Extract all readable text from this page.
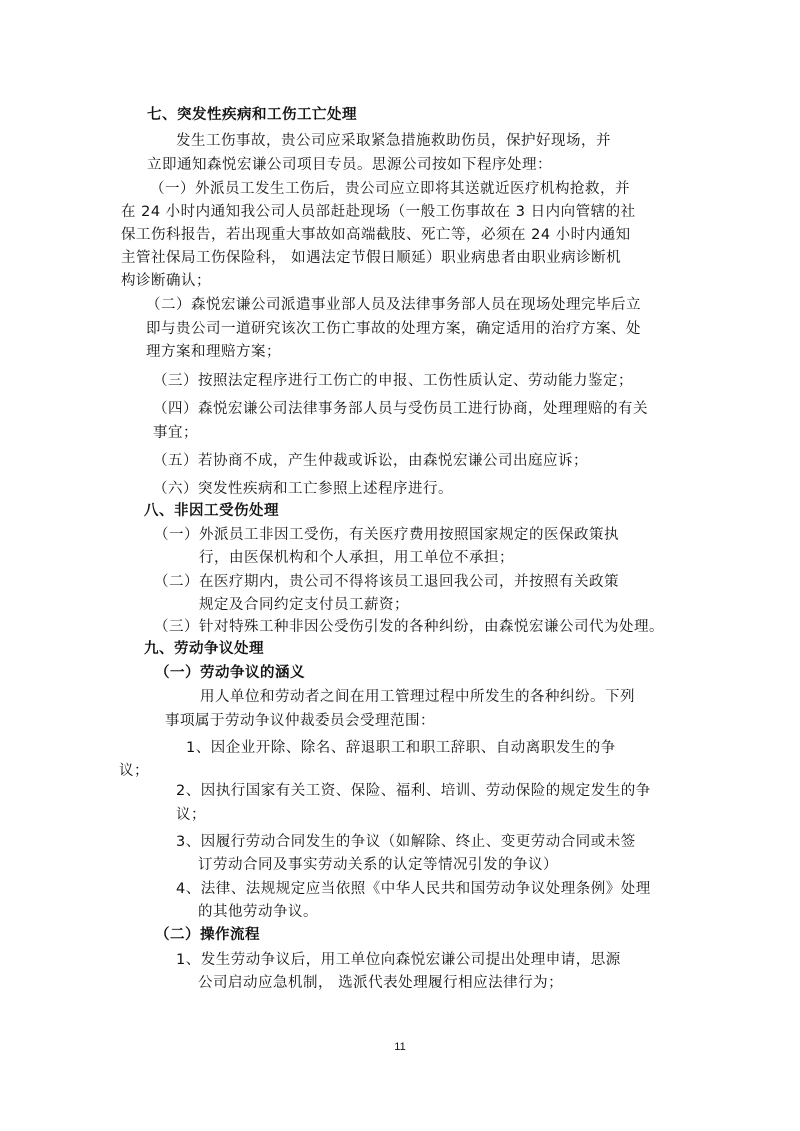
七、突发性疾病和工伤工亡处理
发生工伤事故，贵公司应采取紧急措施救助伤员，保护好现场，并
立即通知森悦宏谦公司项目专员。思源公司按如下程序处理：
（一）外派员工发生工伤后，贵公司应立即将其送就近医疗机构抢救，并
在 24 小时内通知我公司人员部赶赴现场（一般工伤事故在 3 日内向管辖的社
保工伤科报告，若出现重大事故如高端截肢、死亡等，必须在 24 小时内通知
主管社保局工伤保险科， 如遇法定节假日顺延）职业病患者由职业病诊断机
构诊断确认；
（二）森悦宏谦公司派遣事业部人员及法律事务部人员在现场处理完毕后立
即与贵公司一道研究该次工伤亡事故的处理方案，确定适用的治疗方案、处
理方案和理赔方案；
（三）按照法定程序进行工伤亡的申报、工伤性质认定、劳动能力鉴定；
（四）森悦宏谦公司法律事务部人员与受伤员工进行协商，处理理赔的有关
事宜；
（五）若协商不成，产生仲裁或诉讼，由森悦宏谦公司出庭应诉；
（六）突发性疾病和工亡参照上述程序进行。
八、非因工受伤处理
（一）外派员工非因工受伤，有关医疗费用按照国家规定的医保政策执
行，由医保机构和个人承担，用工单位不承担；
（二）在医疗期内，贵公司不得将该员工退回我公司，并按照有关政策
规定及合同约定支付员工薪资；
（三）针对特殊工种非因公受伤引发的各种纠纷，由森悦宏谦公司代为处理。
九、劳动争议处理
（一）劳动争议的涵义
用人单位和劳动者之间在用工管理过程中所发生的各种纠纷。下列
事项属于劳动争议仲裁委员会受理范围：
1、因企业开除、除名、辞退职工和职工辞职、自动离职发生的争
议；
2、因执行国家有关工资、保险、福利、培训、劳动保险的规定发生的争
议；
3、因履行劳动合同发生的争议（如解除、终止、变更劳动合同或未签
订劳动合同及事实劳动关系的认定等情况引发的争议）
4、法律、法规规定应当依照《中华人民共和国劳动争议处理条例》处理
的其他劳动争议。
（二）操作流程
1、发生劳动争议后，用工单位向森悦宏谦公司提出处理申请，思源
公司启动应急机制， 选派代表处理履行相应法律行为；
11
